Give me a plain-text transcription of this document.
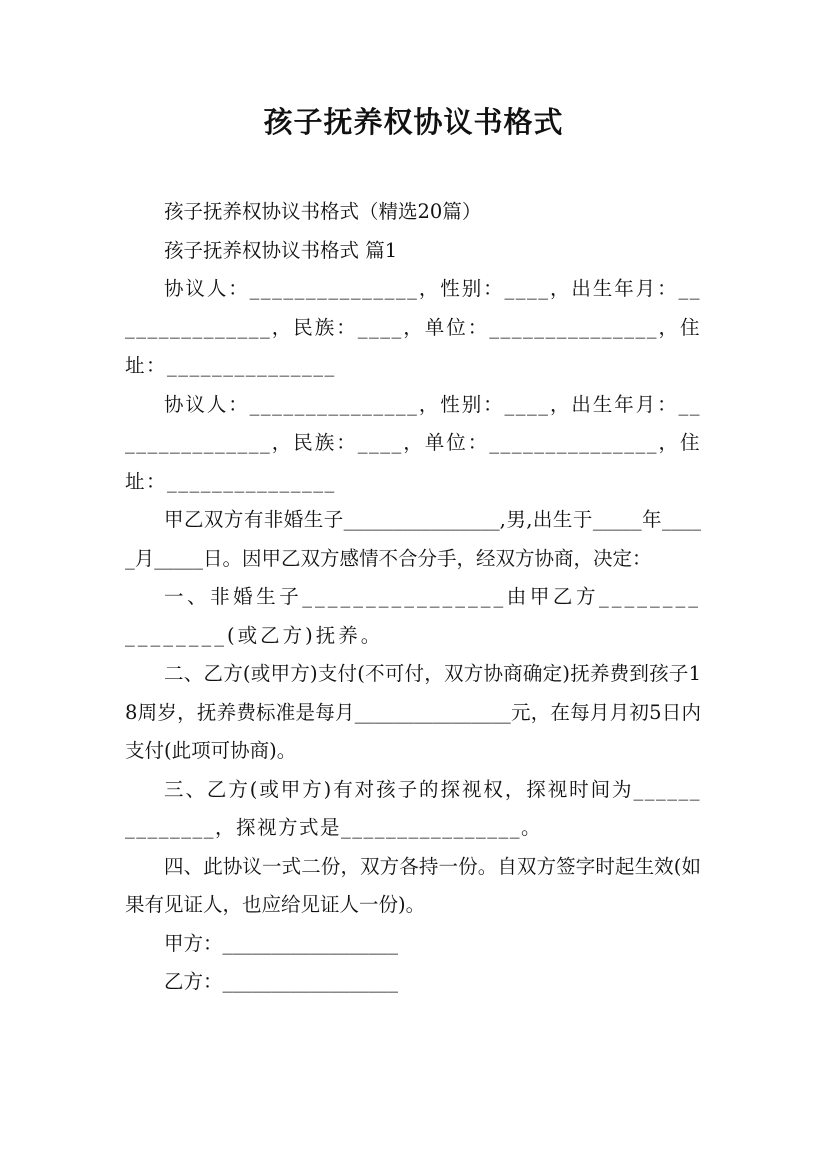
孩子抚养权协议书格式

孩子抚养权协议书格式（精选20篇）

孩子抚养权协议书格式 篇1

协议人：_______________，性别：____，出生年月：_______________，民族：____，单位：_______________，住址：_______________

协议人：_______________，性别：____，出生年月：_______________，民族：____，单位：_______________，住址：_______________

甲乙双方有非婚生子________________,男,出生于_____年_____月_____日。因甲乙双方感情不合分手，经双方协商，决定：

一、非婚生子________________由甲乙方________________(或乙方)抚养。

二、乙方(或甲方)支付(不可付，双方协商确定)抚养费到孩子18周岁，抚养费标准是每月________________元，在每月月初5日内支付(此项可协商)。

三、乙方(或甲方)有对孩子的探视权，探视时间为______________，探视方式是________________。

四、此协议一式二份，双方各持一份。自双方签字时起生效(如果有见证人，也应给见证人一份)。

甲方：__________________

乙方：__________________
